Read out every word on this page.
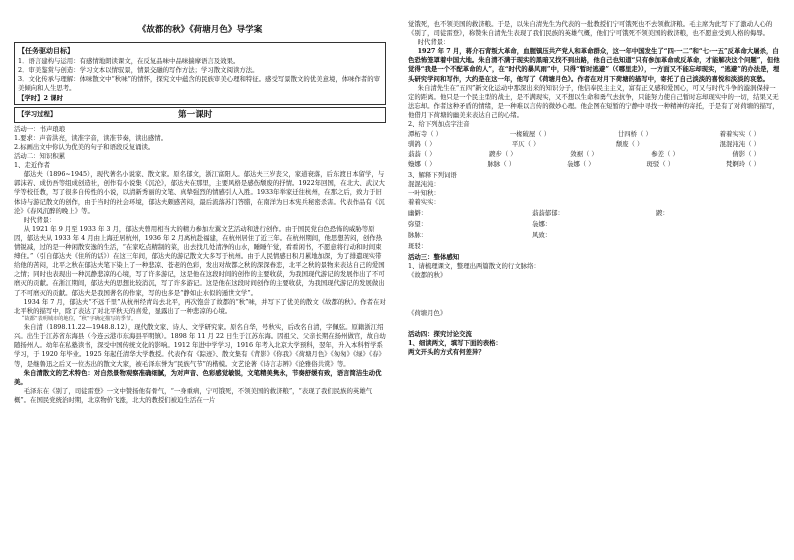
《故都的秋》《荷塘月色》导学案

【任务驱动目标】

1．语言建构与运用：有感情地朗读课文，在反复品味中品味揣摩语言及效果。

2．审美鉴赏与创造：学习文本以情驭景，情景交融的写作方法；学习散文阅读方法。

3．文化传承与理解：体味散文中“秋味”的情怀，探究文中蕴含的民族审美心理和特征。感受写景散文的优美意境，体味作者的审美倾向和人生思考。

【学时】2 课时

【学习过程】	第一课时

活动一：书声琅琅

1.要求：声音洪亮，读准字音，读准节奏，读出感情。

2.标画出文中你认为优美的句子和语段反复诵读。

活动二：知识积累

1、走近作者

郁达夫（1896~1945），现代著名小说家、散文家。原名郁文，浙江富阳人。郁达夫三岁丧父，家道衰落，后东渡日本留学，与郭沫若、成仿吾等组成创造社，创作有小说集《沉沦》，郁达夫在那里，主要风格是感伤颓废的抒情。1922年回国，在北大、武汉大学等校任教，写了很多自传性的小说，以清新秀丽的文笔、真挚强烈的情感引人入胜。1933年举家迁往杭州，在那之后，致力于旧体诗与游记散文的创作，由于当时的社会环境，郁达夫颇感苦闷，最后流落苏门答腊，在南洋为日本宪兵秘密杀害。代表作品有《沉沦》《春风沉醉的晚上》等。

时代背景：

从 1921 年 9 月至 1933 年 3 月，郁达夫曾用相当大的精力参加左翼文艺活动和进行创作。由于国民党白色恐怖的威胁等原因，郁达夫从 1933 年 4 月由上海迁居杭州，1936 年 2 月离杭赴福建，在杭州居住了近三年。在杭州期间，他思想苦闷，创作热情锐减，过的是一种闲散安逸的生活，“在家吃点精制的菜，出去找几处清净的山水，睡睡午觉，看看闲书，不愿意将行动和时间束缚住。”（引自郁达夫《住所的话》）在这三年间，郁达夫的游记散文大多写于杭州。由于人民情感日积月累地加深，为了排遣现实带给他的苦闷，北平之秋在郁达夫笔下染上了一种悲凉、苍老的色彩，发出对故都之秋的深深眷恋，北平之秋的景物来表达自己的爱国之情；同时也表现出一种沉静悲凉的心境，写了许多游记，这是他在这段时间的创作的主要收获，为我国现代游记的发展作出了不可磨灭的贡献。在浙江期间，郁达夫的思想比较消沉，写了许多游记。这是他在这段时间创作的主要收获，为我国现代游记的发展做出了不可磨灭的贡献。郁达夫是我国著名的作家，写的也多是“静如止水似的遁世文学”。

1934 年 7 月，郁达夫“不远千里”从杭州经青岛去北平，再次饱尝了故都的“秋”味，并写下了优美的散文《故都的秋》。作者在对北平秋的描写中，除了表达了对北平秋天的喜爱，显露出了一种悲凉的心境。

“故都”表明城市的地位，“秋”字确定描写的季节。

朱自清（1898.11.22—1948.8.12），现代散文家、诗人、文学研究家。原名自华，号秋实，后改名自清，字佩弦。原籍浙江绍兴。出生于江苏省东海县（今连云港市东海县平明镇）。1898 年 11 月 22 日生于江苏东海。因祖父、父亲长期在扬州做官，故自幼随扬州人。幼年在私塾读书，深受中国传统文化的影响。1912 年进中学学习，1916 年考入北京大学预科，翌年，升入本科哲学系学习，于 1920 年毕业。1925 年起任清华大学教授。代表作有《踪迹》、散文集有《背影》《你我》《荷塘月色》《匆匆》《绿》《春》等，是继鲁迅之后又一位杰出的散文大家，被毛泽东誉为“民族气节”的楷模。文艺论著《诗言志辨》《论雅俗共赏》等。

朱自清散文的艺术特色：对自然景物观察准确细腻，为对声音、色彩感觉敏锐，文笔精美隽永，节奏舒缓有致，语言简洁生动优美。

毛泽东在《别了，司徒雷登》一文中赞扬他有骨气，“一身重病，宁可饿死，不领美国的救济粮”，“表现了我们民族的英雄气概”。在国民党统治时期，北京物价飞涨，北大的教授们被迫生活在一片

觉饿死，也不领美国的救济粮。于是，以朱自清先生为代表的一批教授们宁可饿死也不去领救济粮。毛主席为此写下了激动人心的《别了，司徒雷登》，称赞朱自清先生表现了我们民族的英雄气概，他们宁可饿死不领美国的救济粮，也不愿意受到人格的侮辱。

时代背景：

1927 年 7 月，蒋介石背叛大革命，血腥镇压共产党人和革命群众，这一年中国发生了“四·一二”和“七·一五”反革命大屠杀，白色恐怖笼罩着中国大地。朱自清不满于现实的黑暗又找不到出路，他自己也知道“只有参加革命或反革命，才能解决这个问题”，但他觉得“我是一个不配革命的人”，在“时代的暴风雨”中，只得“暂时逃避”（《哪里走》），一方面又不能忘却现实，“逃避”的办法是，埋头研究学问和写作，大约是在这一年，他写了《荷塘月色》。作者在对月下荷塘的描写中，寄托了自己淡淡的喜悦和淡淡的哀愁。

朱自清先生在“五四”新文化运动中那深出来的知识分子，他信奉民主主义，富有正义感和爱国心，可又与时代斗争的漩涡保持一定的距离。他只是一个民主型的战士，是不满现实，又不想以生命和勇气去抗争，只能努力使自己暂时忘却现实中的一切，结果又无法忘却。作者这种矛盾的情绪，是一种难以言传的微妙心理。他企图在短暂的宁静中寻找一种精神的寄托，于是有了对荷塘的描写，他借月下荷塘的幽美来表达自己的心绪。

2、给下列加点字注音

潭柘寺（ ）	一椽破屋（ ）	廿四桥（ ）	着着实实（ ）
驯鸽（ ）	平仄（ ）	颓废（ ）	混混沌沌（ ）
蓊蓊（ ）	踱步（ ）	敛裾（ ）	参差（ ）	倩影（ ）
嬝娜（ ）	脉脉（ ）	袅娜（ ）	斑驳（ ）	梵婀玲（ ）

3、解释下列词语

混混沌沌：

一叶知秋：

着着实实：

幽僻：	蓊蓊郁郁：	踱：
弥望：	袅娜：
脉脉：	风致：
斑驳：

活动三：整体感知

1、请梳理课文，整理出两篇散文的行文脉络：

《故都的秋》

《荷塘月色》

活动四：探究讨论交流

1、细读两文，填写下面的表格：

两文开头的方式有何差异？
